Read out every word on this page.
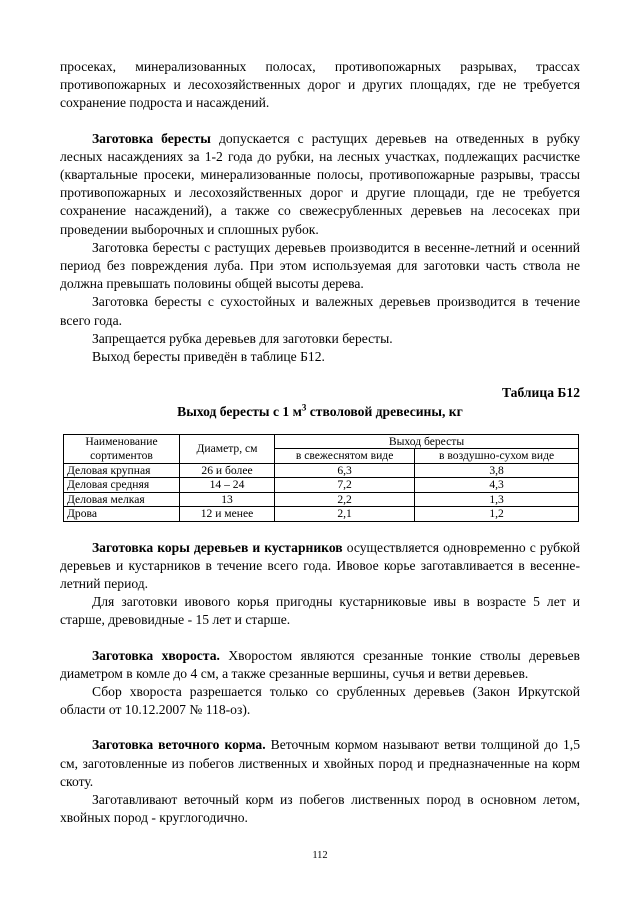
просеках, минерализованных полосах, противопожарных разрывах, трассах противопожарных и лесохозяйственных дорог и других площадях, где не требуется сохранение подроста и насаждений.

Заготовка бересты допускается с растущих деревьев на отведенных в рубку лесных насаждениях за 1-2 года до рубки, на лесных участках, подлежащих расчистке (квартальные просеки, минерализованные полосы, противопожарные разрывы, трассы противопожарных и лесохозяйственных дорог и другие площади, где не требуется сохранение насаждений), а также со свежесрубленных деревьев на лесосеках при проведении выборочных и сплошных рубок.

Заготовка бересты с растущих деревьев производится в весенне-летний и осенний период без повреждения луба. При этом используемая для заготовки часть ствола не должна превышать половины общей высоты дерева.

Заготовка бересты с сухостойных и валежных деревьев производится в течение всего года.

Запрещается рубка деревьев для заготовки бересты.

Выход бересты приведён в таблице Б12.

Таблица Б12
Выход бересты с 1 $м^3$ стволовой древесины, кг
Наименование сортиментов	Диаметр, см	Выход бересты	
		в свежеснятом виде	в воздушно-сухом виде
Деловая крупная	26 и более	6,3	3,8
Деловая средняя	14 – 24	7,2	4,3
Деловая мелкая	13	2,2	1,3
Дрова	12 и менее	2,1	1,2

Заготовка коры деревьев и кустарников осуществляется одновременно с рубкой деревьев и кустарников в течение всего года. Ивовое корье заготавливается в весенне-летний период.

Для заготовки ивового корья пригодны кустарниковые ивы в возрасте 5 лет и старше, древовидные - 15 лет и старше.

Заготовка хвороста. Хворостом являются срезанные тонкие стволы деревьев диаметром в комле до 4 см, а также срезанные вершины, сучья и ветви деревьев.

Сбор хвороста разрешается только со срубленных деревьев (Закон Иркутской области от 10.12.2007 № 118-оз).

Заготовка веточного корма. Веточным кормом называют ветви толщиной до 1,5 см, заготовленные из побегов лиственных и хвойных пород и предназначенные на корм скоту.

Заготавливают веточный корм из побегов лиственных пород в основном летом, хвойных пород - круглогодично.

112
